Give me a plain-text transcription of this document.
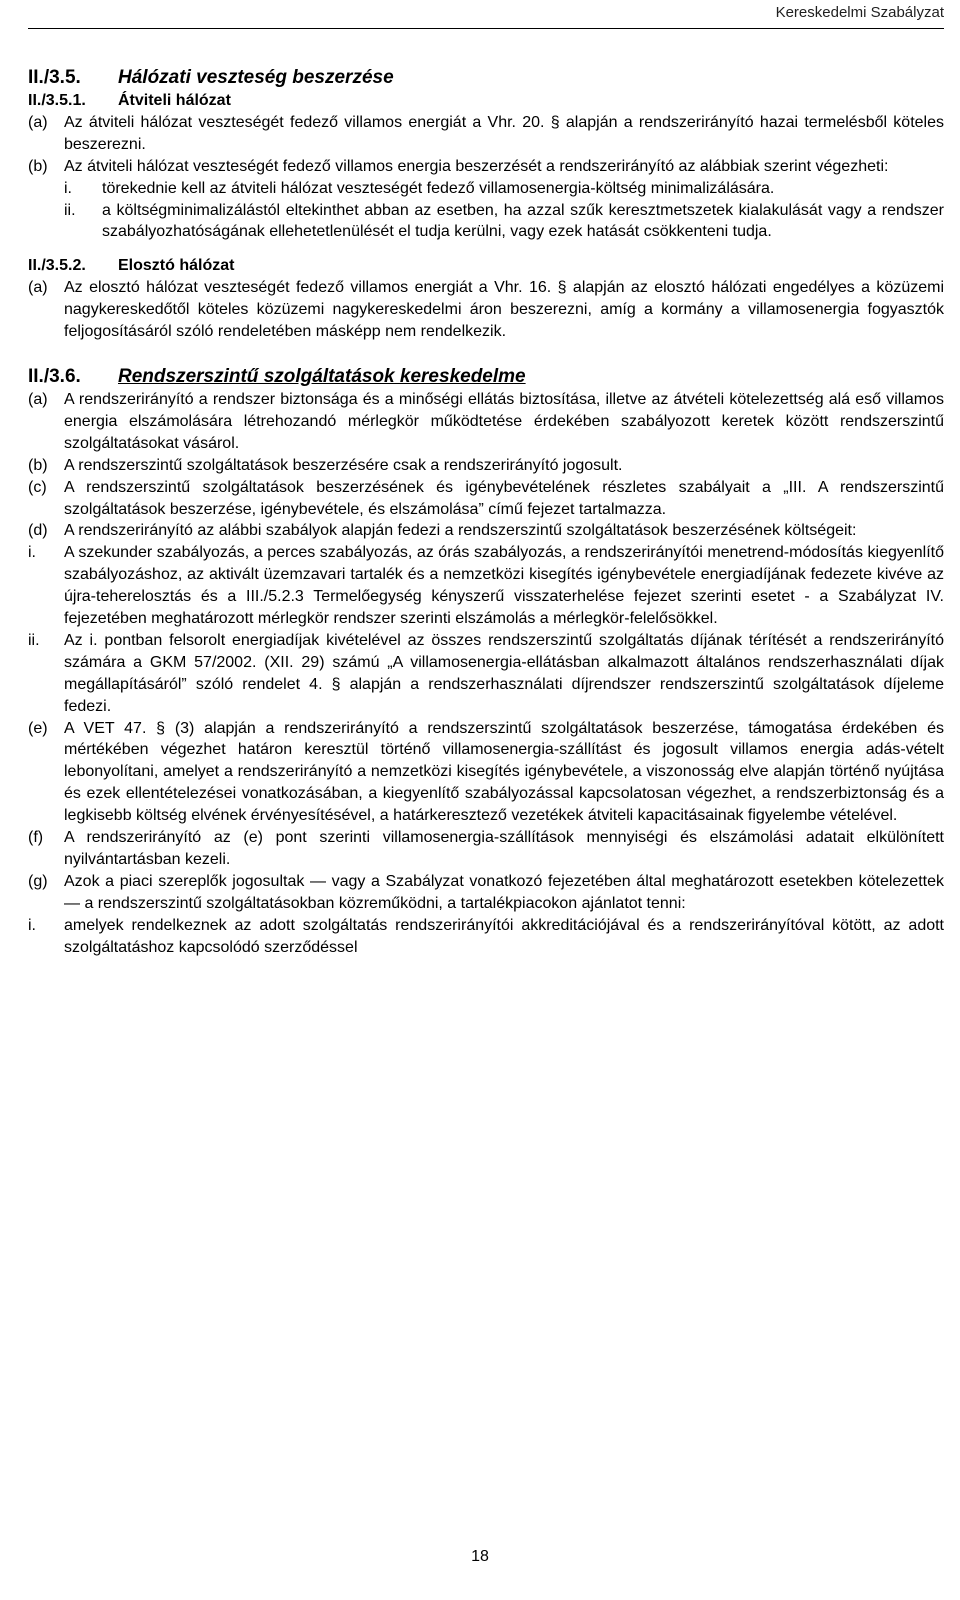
Kereskedelmi Szabályzat
II./3.5.	Hálózati veszteség beszerzése
II./3.5.1.	Átviteli hálózat
(a)	Az átviteli hálózat veszteségét fedező villamos energiát a Vhr. 20. § alapján a rendszerirányító hazai termelésből köteles beszerezni.
(b)	Az átviteli hálózat veszteségét fedező villamos energia beszerzését a rendszerirányító az alábbiak szerint végezheti:
i.	törekednie kell az átviteli hálózat veszteségét fedező villamosenergia-költség minimalizálására.
ii.	a költségminimalizálástól eltekinthet abban az esetben, ha azzal szűk keresztmetszetek kialakulását vagy a rendszer szabályozhatóságának ellehetetlenülését el tudja kerülni, vagy ezek hatását csökkenteni tudja.
II./3.5.2.	Elosztó hálózat
(a)	Az elosztó hálózat veszteségét fedező villamos energiát a Vhr. 16. § alapján az elosztó hálózati engedélyes a közüzemi nagykereskedőtől köteles közüzemi nagykereskedelmi áron beszerezni, amíg a kormány a villamosenergia fogyasztók feljogosításáról szóló rendeletében másképp nem rendelkezik.
II./3.6.	Rendszerszintű szolgáltatások kereskedelme
(a)	A rendszerirányító a rendszer biztonsága és a minőségi ellátás biztosítása, illetve az átvételi kötelezettség alá eső villamos energia elszámolására létrehozandó mérlegkör működtetése érdekében szabályozott keretek között rendszerszintű szolgáltatásokat vásárol.
(b)	A rendszerszintű szolgáltatások beszerzésére csak a rendszerirányító jogosult.
(c)	A rendszerszintű szolgáltatások beszerzésének és igénybevételének részletes szabályait a „III. A rendszerszintű szolgáltatások beszerzése, igénybevétele, és elszámolása” című fejezet tartalmazza.
(d)	A rendszerirányító az alábbi szabályok alapján fedezi a rendszerszintű szolgáltatások beszerzésének költségeit:
i.	A szekunder szabályozás, a perces szabályozás, az órás szabályozás, a rendszerirányítói menetrend-módosítás kiegyenlítő szabályozáshoz, az aktivált üzemzavari tartalék és a nemzetközi kisegítés igénybevétele energiadíjának fedezete kivéve az újra-teherelosztás és a III./5.2.3 Termelőegység kényszerű visszaterhelése fejezet szerinti esetet - a Szabályzat IV. fejezetében meghatározott mérlegkör rendszer szerinti elszámolás a mérlegkör-felelősökkel.
ii.	Az i. pontban felsorolt energiadíjak kivételével az összes rendszerszintű szolgáltatás díjának térítését a rendszerirányító számára a GKM 57/2002. (XII. 29) számú „A villamosenergia-ellátásban alkalmazott általános rendszerhasználati díjak megállapításáról” szóló rendelet 4. § alapján a rendszerhasználati díjrendszer rendszerszintű szolgáltatások díjeleme fedezi.
(e)	A VET 47. § (3) alapján a rendszerirányító a rendszerszintű szolgáltatások beszerzése, támogatása érdekében és mértékében végezhet határon keresztül történő villamosenergia-szállítást és jogosult villamos energia adás-vételt lebonyolítani, amelyet a rendszerirányító a nemzetközi kisegítés igénybevétele, a viszonosság elve alapján történő nyújtása és ezek ellentételezései vonatkozásában, a kiegyenlítő szabályozással kapcsolatosan végezhet, a rendszerbiztonság és a legkisebb költség elvének érvényesítésével, a határkeresztező vezetékek átviteli kapacitásainak figyelembe vételével.
(f)	A rendszerirányító az (e) pont szerinti villamosenergia-szállítások mennyiségi és elszámolási adatait elkülönített nyilvántartásban kezeli.
(g)	Azok a piaci szereplők jogosultak — vagy a Szabályzat vonatkozó fejezetében által meghatározott esetekben kötelezettek — a rendszerszintű szolgáltatásokban közreműködni, a tartalékpiacokon ajánlatot tenni:
i.	amelyek rendelkeznek az adott szolgáltatás rendszerirányítói akkreditációjával és a rendszerirányítóval kötött, az adott szolgáltatáshoz kapcsolódó szerződéssel
18
